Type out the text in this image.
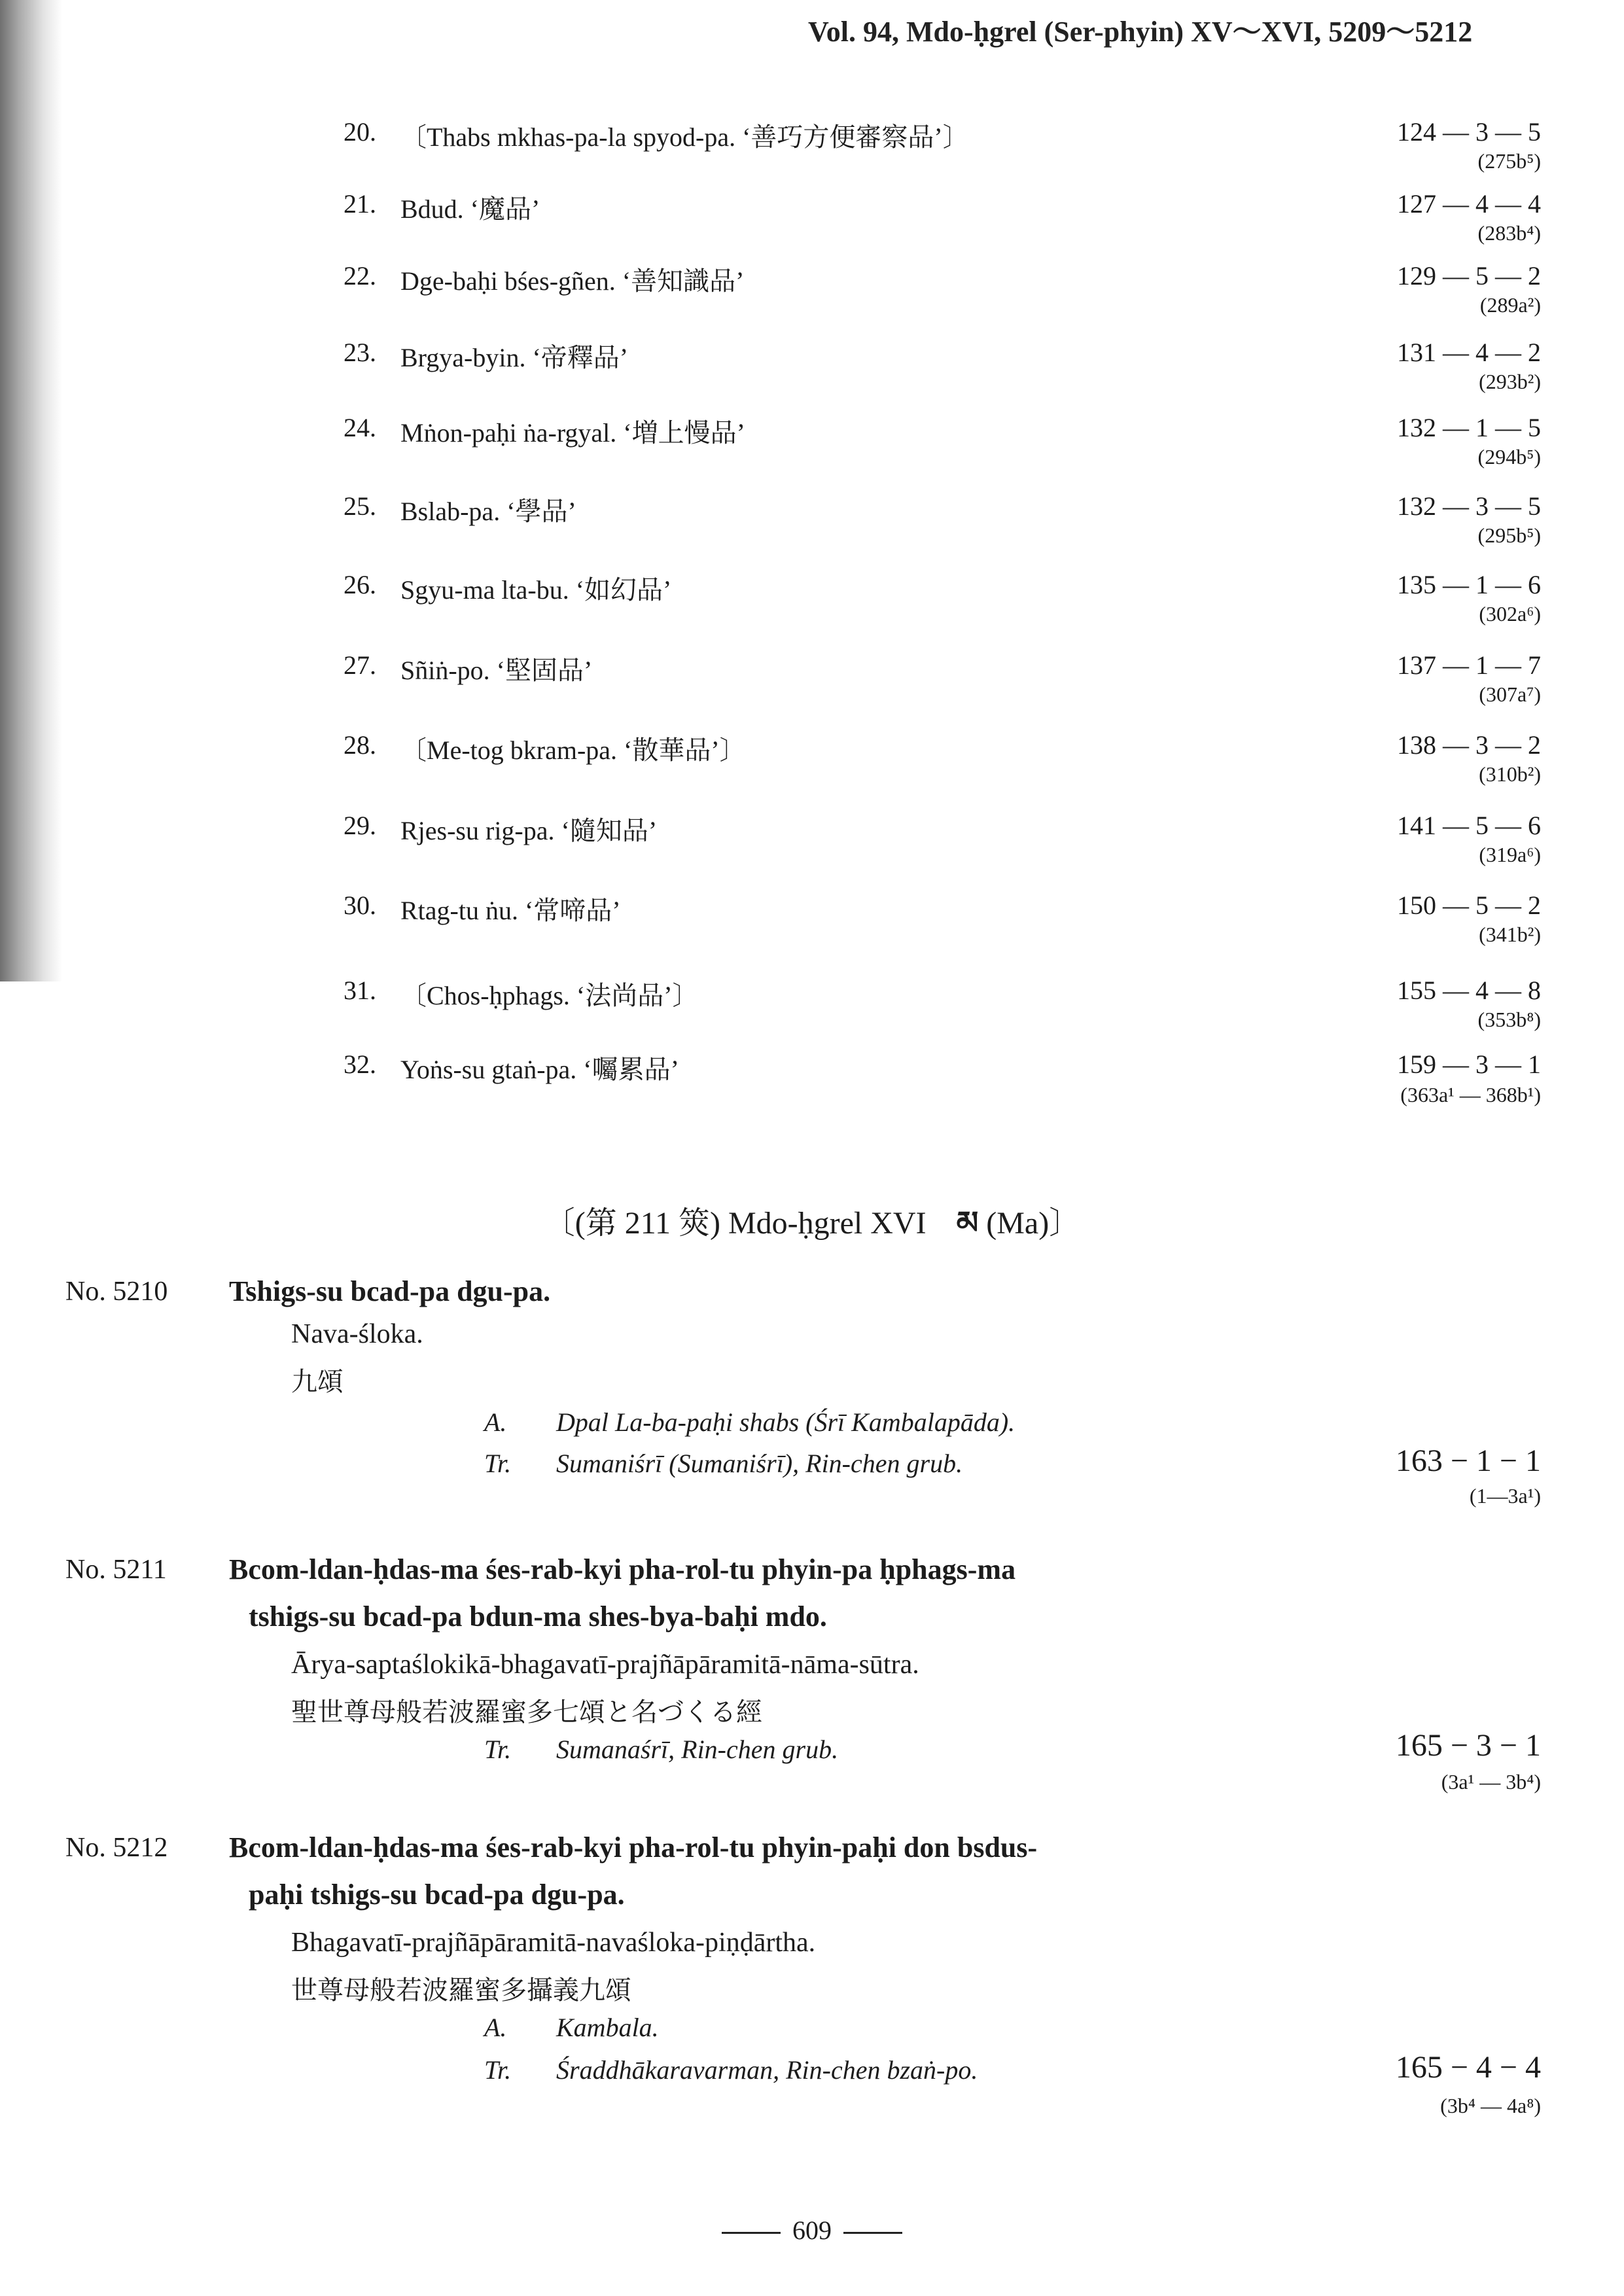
Vol. 94, Mdo-ḥgrel (Ser-phyin) XV～XVI, 5209～5212
20. 〔Thabs mkhas-pa-la spyod-pa. ‘善巧方便審察品’〕	124 — 3 — 5
(275b⁵)
21. Bdud. ‘魔品’	127 — 4 — 4
(283b⁴)
22. Dge-baḥi bśes-gñen. ‘善知識品’	129 — 5 — 2
(289a²)
23. Brgya-byin. ‘帝釋品’	131 — 4 — 2
(293b²)
24. Mṅon-paḥi ṅa-rgyal. ‘増上慢品’	132 — 1 — 5
(294b⁵)
25. Bslab-pa. ‘學品’	132 — 3 — 5
(295b⁵)
26. Sgyu-ma lta-bu. ‘如幻品’	135 — 1 — 6
(302a⁶)
27. Sñiṅ-po. ‘堅固品’	137 — 1 — 7
(307a⁷)
28. 〔Me-tog bkram-pa. ‘散華品’〕	138 — 3 — 2
(310b²)
29. Rjes-su rig-pa. ‘隨知品’	141 — 5 — 6
(319a⁶)
30. Rtag-tu ṅu. ‘常啼品’	150 — 5 — 2
(341b²)
31. 〔Chos-ḥphags. ‘法尚品’〕	155 — 4 — 8
(353b⁸)
32. Yoṅs-su gtaṅ-pa. ‘囑累品’	159 — 3 — 1
(363a¹ — 368b¹)
〔(第 211 筴) Mdo-ḥgrel XVI མ (Ma)〕
No. 5210 Tshigs-su bcad-pa dgu-pa.
Nava-śloka.
九頌
A. Dpal La-ba-paḥi shabs (Śrī Kambalapāda).
Tr. Sumaniśrī (Sumaniśrī), Rin-chen grub.	163 − 1 − 1
(1—3a¹)
No. 5211 Bcom-ldan-ḥdas-ma śes-rab-kyi pha-rol-tu phyin-pa ḥphags-ma
tshigs-su bcad-pa bdun-ma shes-bya-baḥi mdo.
Ārya-saptaślokikā-bhagavatī-prajñāpāramitā-nāma-sūtra.
聖世尊母般若波羅蜜多七頌と名づくる經
Tr. Sumanaśrī, Rin-chen grub.	165 − 3 − 1
(3a¹ — 3b⁴)
No. 5212 Bcom-ldan-ḥdas-ma śes-rab-kyi pha-rol-tu phyin-paḥi don bsdus-
paḥi tshigs-su bcad-pa dgu-pa.
Bhagavatī-prajñāpāramitā-navaśloka-piṇḍārtha.
世尊母般若波羅蜜多攝義九頌
A. Kambala.
Tr. Śraddhākaravarman, Rin-chen bzaṅ-po.	165 − 4 − 4
(3b⁴ — 4a⁸)
609
